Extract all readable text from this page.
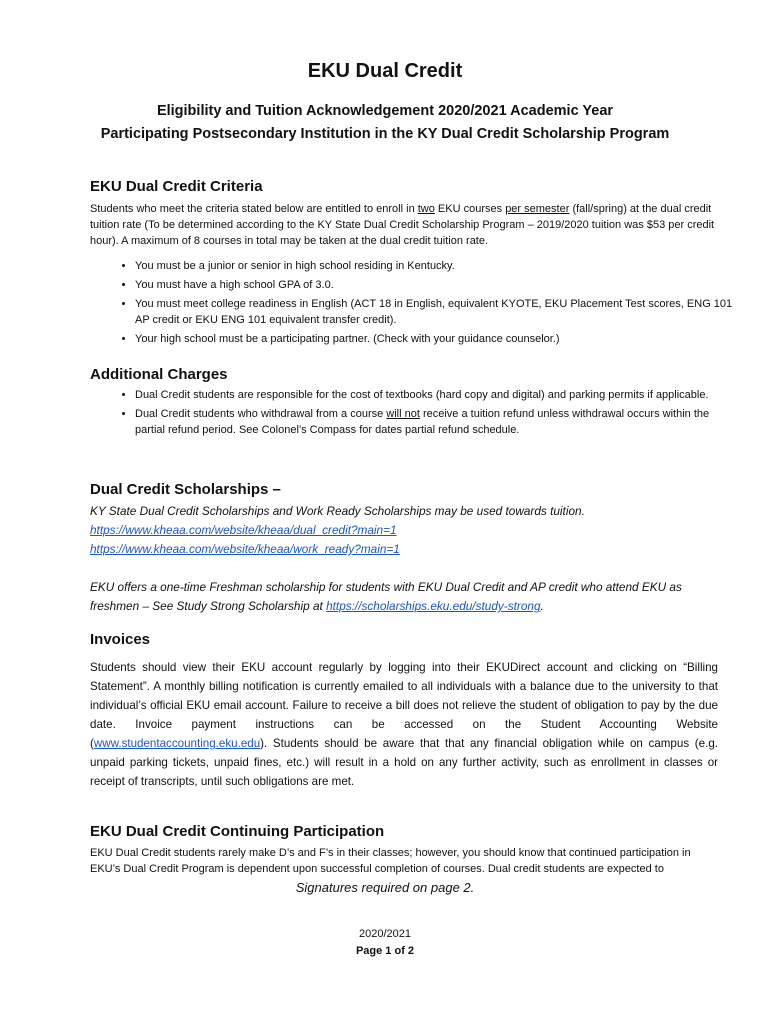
EKU Dual Credit
Eligibility and Tuition Acknowledgement 2020/2021 Academic Year
Participating Postsecondary Institution in the KY Dual Credit Scholarship Program
EKU Dual Credit Criteria

Students who meet the criteria stated below are entitled to enroll in two EKU courses per semester (fall/spring) at the dual credit tuition rate (To be determined according to the KY State Dual Credit Scholarship Program – 2019/2020 tuition was $53 per credit hour). A maximum of 8 courses in total may be taken at the dual credit tuition rate.

• You must be a junior or senior in high school residing in Kentucky.
• You must have a high school GPA of 3.0.
• You must meet college readiness in English (ACT 18 in English, equivalent KYOTE, EKU Placement Test scores, ENG 101 AP credit or EKU ENG 101 equivalent transfer credit).
• Your high school must be a participating partner. (Check with your guidance counselor.)
Additional Charges
• Dual Credit students are responsible for the cost of textbooks (hard copy and digital) and parking permits if applicable.
• Dual Credit students who withdrawal from a course will not receive a tuition refund unless withdrawal occurs within the partial refund period. See Colonel’s Compass for dates partial refund schedule.
Dual Credit Scholarships –

KY State Dual Credit Scholarships and Work Ready Scholarships may be used towards tuition.

https://www.kheaa.com/website/kheaa/dual_credit?main=1

https://www.kheaa.com/website/kheaa/work_ready?main=1

EKU offers a one-time Freshman scholarship for students with EKU Dual Credit and AP credit who attend EKU as freshmen – See Study Strong Scholarship at https://scholarships.eku.edu/study-strong.

Invoices

Students should view their EKU account regularly by logging into their EKUDirect account and clicking on “Billing Statement”. A monthly billing notification is currently emailed to all individuals with a balance due to the university to that individual’s official EKU email account. Failure to receive a bill does not relieve the student of obligation to pay by the due date. Invoice payment instructions can be accessed on the Student Accounting Website (www.studentaccounting.eku.edu). Students should be aware that that any financial obligation while on campus (e.g. unpaid parking tickets, unpaid fines, etc.) will result in a hold on any further activity, such as enrollment in classes or receipt of transcripts, until such obligations are met.

EKU Dual Credit Continuing Participation

EKU Dual Credit students rarely make D’s and F’s in their classes; however, you should know that continued participation in EKU’s Dual Credit Program is dependent upon successful completion of courses. Dual credit students are expected to

Signatures required on page 2.
2020/2021
Page 1 of 2
